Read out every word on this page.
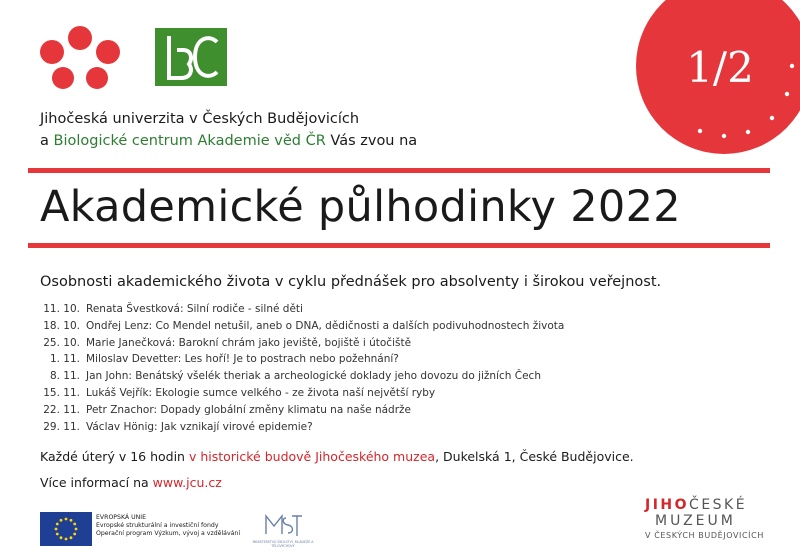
1/2
Jihočeská univerzita v Českých Budějovicích
a Biologické centrum Akademie věd ČR Vás zvou na
Akademické půlhodinky 2022

Osobnosti akademického života v cyklu přednášek pro absolventy i širokou veřejnost.

11. 10. Renata Švestková: Silní rodiče - silné děti
18. 10. Ondřej Lenz: Co Mendel netušil, aneb o DNA, dědičnosti a dalších podivuhodnostech života
25. 10. Marie Janečková: Barokní chrám jako jeviště, bojiště i útočiště
1. 11. Miloslav Devetter: Les hoří! Je to postrach nebo požehnání?
8. 11. Jan John: Benátský všelék theriak a archeologické doklady jeho dovozu do jižních Čech
15. 11. Lukáš Vejřík: Ekologie sumce velkého - ze života naší největší ryby
22. 11. Petr Znachor: Dopady globální změny klimatu na naše nádrže
29. 11. Václav Hönig: Jak vznikají virové epidemie?

Každé úterý v 16 hodin v historické budově Jihočeského muzea, Dukelská 1, České Budějovice.

Více informací na www.jcu.cz

EVROPSKÁ UNIE
Evropské strukturální a investiční fondy
Operační program Výzkum, vývoj a vzdělávání
MINISTERSTVO ŠKOLSTVÍ, MLÁDEŽE A TĚLOVÝCHOVY
JIHOČESKÉ
MUZEUM
V ČESKÝCH BUDĚJOVICÍCH
